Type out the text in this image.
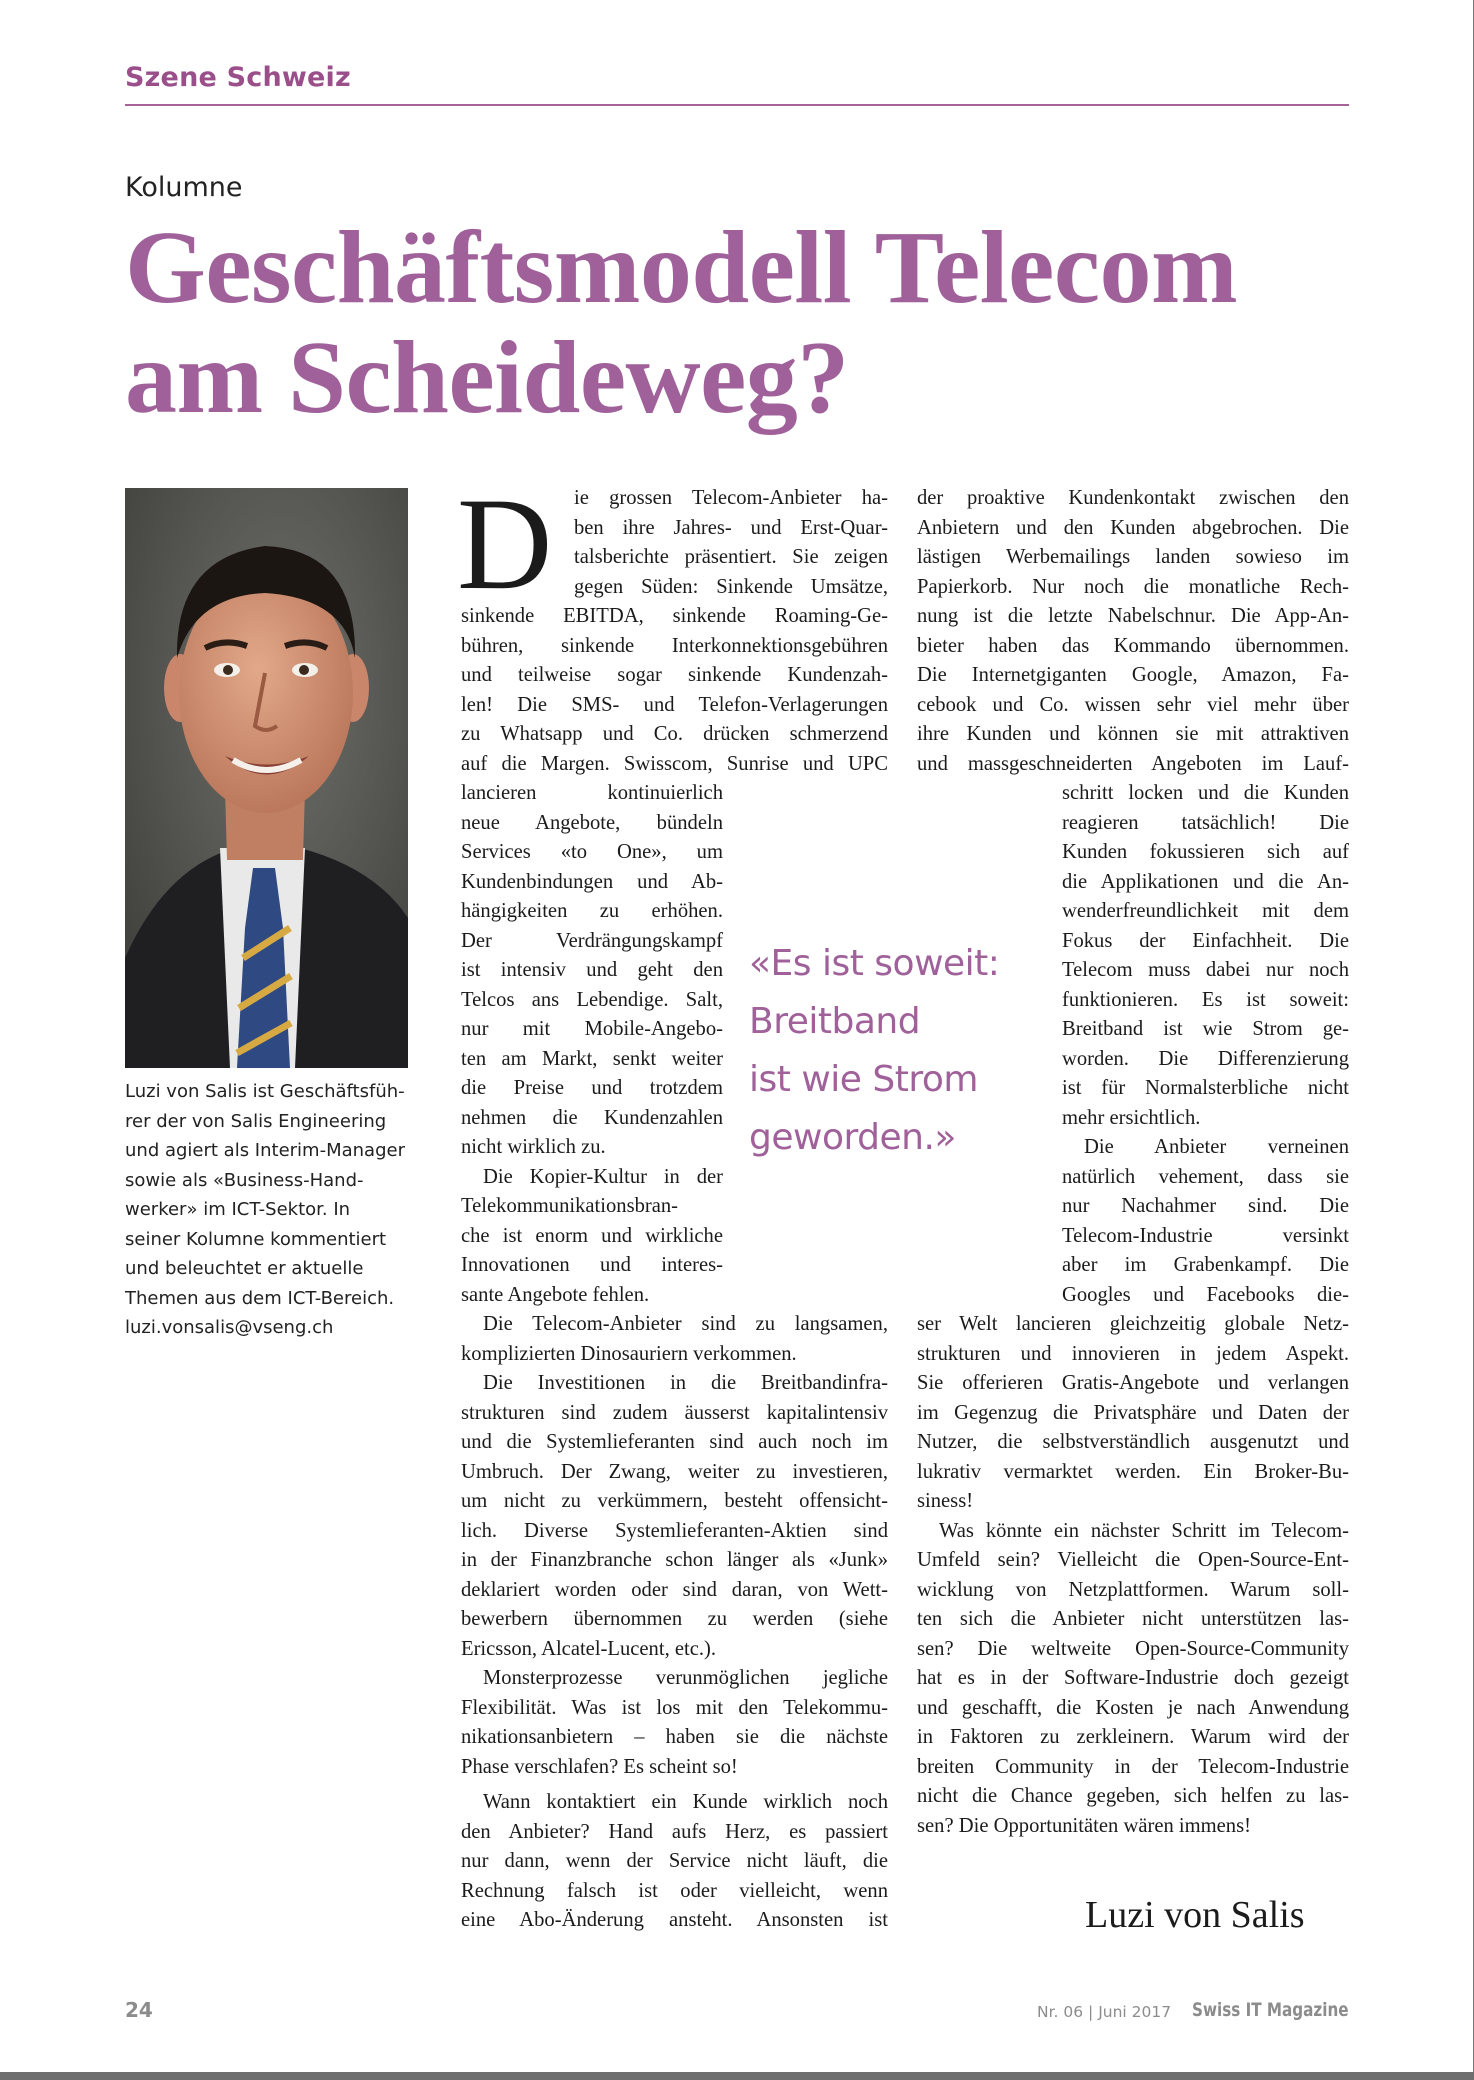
Szene Schweiz
Kolumne
Geschäftsmodell Telecom
am Scheideweg?
Luzi von Salis ist Geschäftsfüh-
rer der von Salis Engineering
und agiert als Interim-Manager
sowie als «Business-Hand-
werker» im ICT-Sektor. In
seiner Kolumne kommentiert
und beleuchtet er aktuelle
Themen aus dem ICT-Bereich.
luzi.vonsalis@vseng.ch
D ie grossen Telecom-Anbieter ha-
ben ihre Jahres- und Erst-Quar-
talsberichte präsentiert. Sie zeigen
gegen Süden: Sinkende Umsätze,
sinkende EBITDA, sinkende Roaming-Ge-
bühren, sinkende Interkonnektionsgebühren
und teilweise sogar sinkende Kundenzah-
len! Die SMS- und Telefon-Verlagerungen
zu Whatsapp und Co. drücken schmerzend
auf die Margen. Swisscom, Sunrise und UPC
lancieren kontinuierlich
neue Angebote, bündeln
Services «to One», um
Kundenbindungen und Ab-
hängigkeiten zu erhöhen.
Der Verdrängungskampf
ist intensiv und geht den
Telcos ans Lebendige. Salt,
nur mit Mobile-Angebo-
ten am Markt, senkt weiter
die Preise und trotzdem
nehmen die Kundenzahlen
nicht wirklich zu.
Die Kopier-Kultur in der
Telekommunikationsbran-
che ist enorm und wirkliche
Innovationen und interes-
sante Angebote fehlen.
Die Telecom-Anbieter sind zu langsamen,
komplizierten Dinosauriern verkommen.
Die Investitionen in die Breitbandinfra-
strukturen sind zudem äusserst kapitalintensiv
und die Systemlieferanten sind auch noch im
Umbruch. Der Zwang, weiter zu investieren,
um nicht zu verkümmern, besteht offensicht-
lich. Diverse Systemlieferanten-Aktien sind
in der Finanzbranche schon länger als «Junk»
deklariert worden oder sind daran, von Wett-
bewerbern übernommen zu werden (siehe
Ericsson, Alcatel-Lucent, etc.).
Monsterprozesse verunmöglichen jegliche
Flexibilität. Was ist los mit den Telekommu-
nikationsanbietern – haben sie die nächste
Phase verschlafen? Es scheint so!
Wann kontaktiert ein Kunde wirklich noch
den Anbieter? Hand aufs Herz, es passiert
nur dann, wenn der Service nicht läuft, die
Rechnung falsch ist oder vielleicht, wenn
eine Abo-Änderung ansteht. Ansonsten ist
«Es ist soweit:
Breitband
ist wie Strom
geworden.»
der proaktive Kundenkontakt zwischen den
Anbietern und den Kunden abgebrochen. Die
lästigen Werbemailings landen sowieso im
Papierkorb. Nur noch die monatliche Rech-
nung ist die letzte Nabelschnur. Die App-An-
bieter haben das Kommando übernommen.
Die Internetgiganten Google, Amazon, Fa-
cebook und Co. wissen sehr viel mehr über
ihre Kunden und können sie mit attraktiven
und massgeschneiderten Angeboten im Lauf-
schritt locken und die Kunden
reagieren tatsächlich! Die
Kunden fokussieren sich auf
die Applikationen und die An-
wenderfreundlichkeit mit dem
Fokus der Einfachheit. Die
Telecom muss dabei nur noch
funktionieren. Es ist soweit:
Breitband ist wie Strom ge-
worden. Die Differenzierung
ist für Normalsterbliche nicht
mehr ersichtlich.
Die Anbieter verneinen
natürlich vehement, dass sie
nur Nachahmer sind. Die
Telecom-Industrie versinkt
aber im Grabenkampf. Die
Googles und Facebooks die-
ser Welt lancieren gleichzeitig globale Netz-
strukturen und innovieren in jedem Aspekt.
Sie offerieren Gratis-Angebote und verlangen
im Gegenzug die Privatsphäre und Daten der
Nutzer, die selbstverständlich ausgenutzt und
lukrativ vermarktet werden. Ein Broker-Bu-
siness!
Was könnte ein nächster Schritt im Telecom-
Umfeld sein? Vielleicht die Open-Source-Ent-
wicklung von Netzplattformen. Warum soll-
ten sich die Anbieter nicht unterstützen las-
sen? Die weltweite Open-Source-Community
hat es in der Software-Industrie doch gezeigt
und geschafft, die Kosten je nach Anwendung
in Faktoren zu zerkleinern. Warum wird der
breiten Community in der Telecom-Industrie
nicht die Chance gegeben, sich helfen zu las-
sen? Die Opportunitäten wären immens!
Luzi von Salis
24	Nr. 06 | Juni 2017 Swiss IT Magazine
